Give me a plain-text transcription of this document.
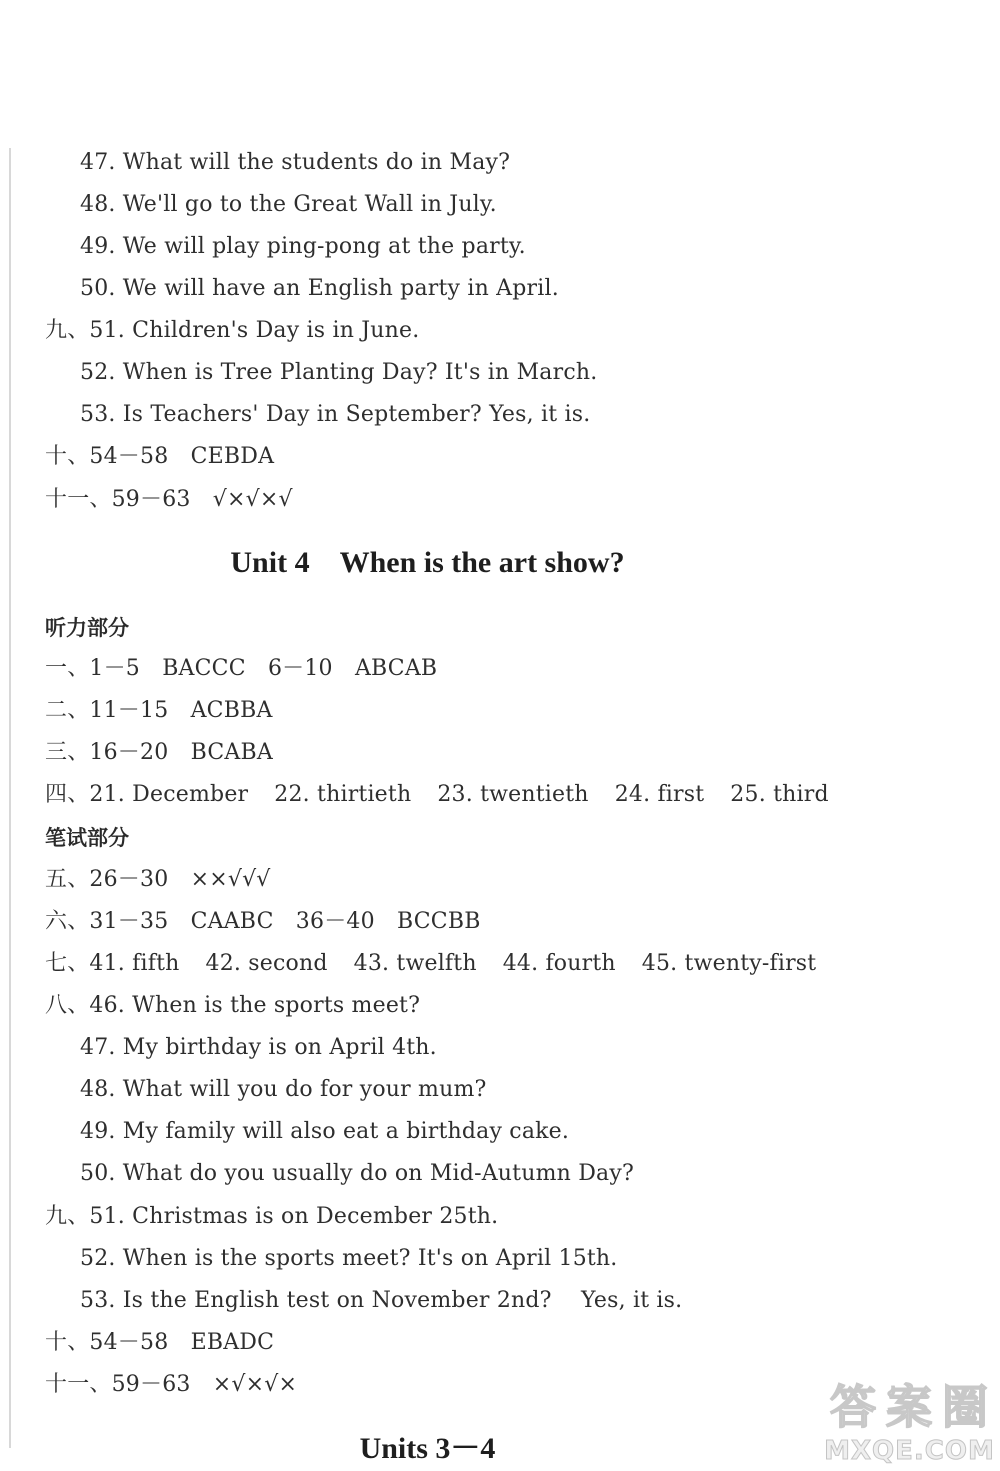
47. What will the students do in May?
48. We'll go to the Great Wall in July.
49. We will play ping-pong at the party.
50. We will have an English party in April.
九、51. Children's Day is in June.
52. When is Tree Planting Day? It's in March.
53. Is Teachers' Day in September? Yes, it is.
十、54－58　CEBDA
十一、59－63　√×√×√
Unit 4　When is the art show?
听力部分
一、1－5　BACCC　6－10　ABCAB
二、11－15　ACBBA
三、16－20　BCABA
四、21. December 22. thirtieth 23. twentieth 24. first 25. third
笔试部分
五、26－30　××√√√
六、31－35　CAABC　36－40　BCCBB
七、41. fifth 42. second 43. twelfth 44. fourth 45. twenty-first
八、46. When is the sports meet?
47. My birthday is on April 4th.
48. What will you do for your mum?
49. My family will also eat a birthday cake.
50. What do you usually do on Mid-Autumn Day?
九、51. Christmas is on December 25th.
52. When is the sports meet? It's on April 15th.
53. Is the English test on November 2nd?　 Yes, it is.
十、54－58　EBADC
十一、59－63　×√×√×
Units 3－4
答 案 圈
MXQE.COM
